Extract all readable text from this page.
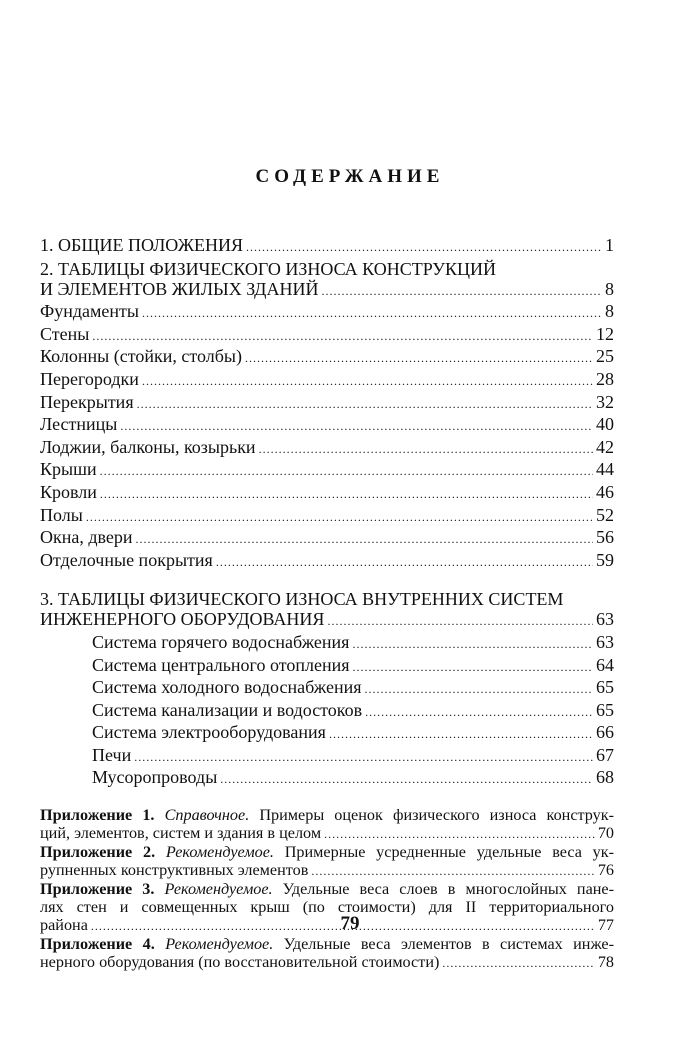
СОДЕРЖАНИЕ
1. ОБЩИЕ ПОЛОЖЕНИЯ .....	1
2. ТАБЛИЦЫ ФИЗИЧЕСКОГО ИЗНОСА КОНСТРУКЦИЙ
И ЭЛЕМЕНТОВ ЖИЛЫХ ЗДАНИЙ .....	8
Фундаменты .....	8
Стены .....	12
Колонны (стойки, столбы) .....	25
Перегородки .....	28
Перекрытия .....	32
Лестницы .....	40
Лоджии, балконы, козырьки .....	42
Крыши .....	44
Кровли .....	46
Полы .....	52
Окна, двери .....	56
Отделочные покрытия .....	59
3. ТАБЛИЦЫ ФИЗИЧЕСКОГО ИЗНОСА ВНУТРЕННИХ СИСТЕМ
ИНЖЕНЕРНОГО ОБОРУДОВАНИЯ .....	63
Система горячего водоснабжения .....	63
Система центрального отопления .....	64
Система холодного водоснабжения .....	65
Система канализации и водостоков .....	65
Система электрооборудования .....	66
Печи .....	67
Мусоропроводы .....	68
Приложение 1. Справочное. Примеры оценок физического износа конструк-
ций, элементов, систем и здания в целом .....	70
Приложение 2. Рекомендуемое. Примерные усредненные удельные веса ук-
рупненных конструктивных элементов .....	76
Приложение 3. Рекомендуемое. Удельные веса слоев в многослойных пане-
лях стен и совмещенных крыш (по стоимости) для II территориального
района .....	77
Приложение 4. Рекомендуемое. Удельные веса элементов в системах инже-
нерного оборудования (по восстановительной стоимости) .....	78
79
